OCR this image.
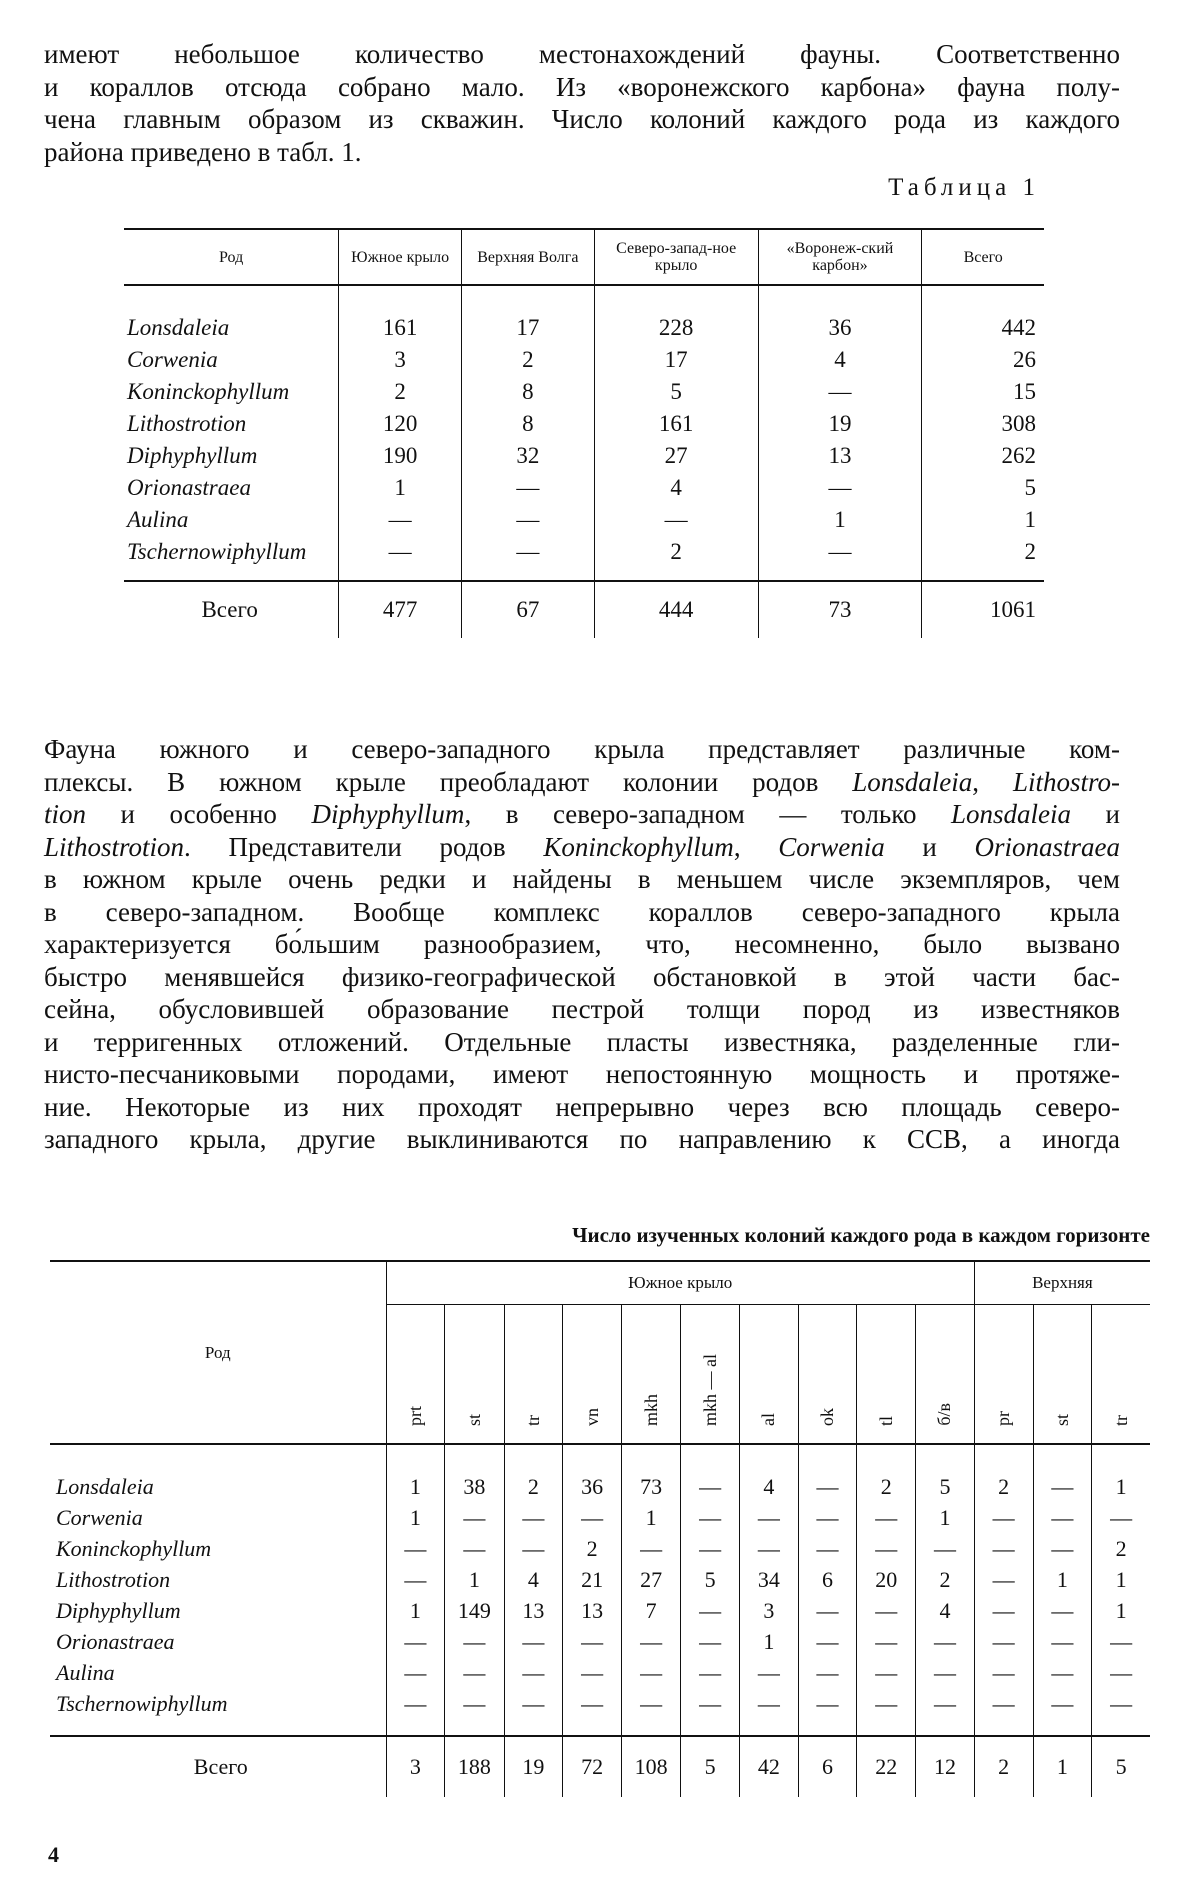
имеют небольшое количество местонахождений фауны. Соответственно
и кораллов отсюда собрано мало. Из «воронежского карбона» фауна полу-
чена главным образом из скважин. Число колоний каждого рода из каждого
района приведено в табл. 1.
Таблица 1
Род	Южное крыло	Верхняя Волга	Северо-запад-ное крыло	«Воронеж-ский карбон»	Всего

Lonsdaleia	161	17	228	36	442
Corwenia	3	2	17	4	26
Koninckophyllum	2	8	5	—	15
Lithostrotion	120	8	161	19	308
Diphyphyllum	190	32	27	13	262
Orionastraea	1	—	4	—	5
Aulina	—	—	—	1	1
Tschernowiphyllum	—	—	2	—	2

Всего	477	67	444	73	1061
Фауна южного и северо-западного крыла представляет различные ком-
плексы. В южном крыле преобладают колонии родов Lonsdaleia, Lithostro-
tion и особенно Diphyphyllum, в северо-западном — только Lonsdaleia и
Lithostrotion. Представители родов Koninckophyllum, Corwenia и Orionastraea
в южном крыле очень редки и найдены в меньшем числе экземпляров, чем
в северо-западном. Вообще комплекс кораллов северо-западного крыла
характеризуется бо́льшим разнообразием, что, несомненно, было вызвано
быстро менявшейся физико-географической обстановкой в этой части бас-
сейна, обусловившей образование пестрой толщи пород из известняков
и терригенных отложений. Отдельные пласты известняка, разделенные гли-
нисто-песчаниковыми породами, имеют непостоянную мощность и протяже-
ние. Некоторые из них проходят непрерывно через всю площадь северо-
западного крыла, другие выклиниваются по направлению к ССВ, а иногда
Число изученных колоний каждого рода в каждом горизонте
Род	Южное крыло										Верхняя		
	prt	st	tr	vn	mkh	mkh — al	al	ok	tl	б/в	pr	st	tr

Lonsdaleia	1	38	2	36	73	—	4	—	2	5	2	—	1
Corwenia	1	—	—	—	1	—	—	—	—	1	—	—	—
Koninckophyllum	—	—	—	2	—	—	—	—	—	—	—	—	2
Lithostrotion	—	1	4	21	27	5	34	6	20	2	—	1	1
Diphyphyllum	1	149	13	13	7	—	3	—	—	4	—	—	1
Orionastraea	—	—	—	—	—	—	1	—	—	—	—	—	—
Aulina	—	—	—	—	—	—	—	—	—	—	—	—	—
Tschernowiphyllum	—	—	—	—	—	—	—	—	—	—	—	—	—

Всего	3	188	19	72	108	5	42	6	22	12	2	1	5
4
